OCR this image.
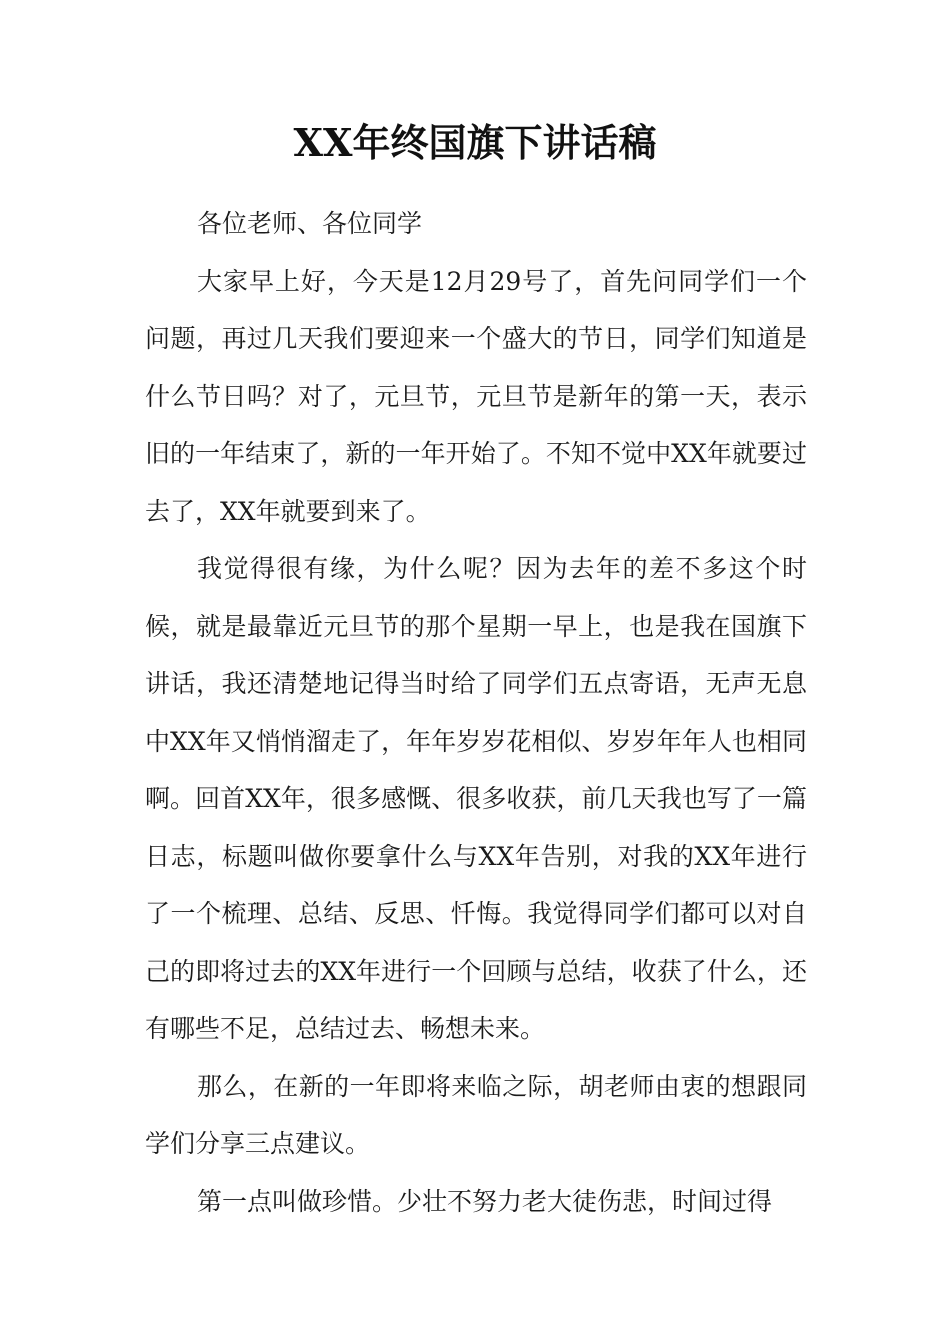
XX年终国旗下讲话稿

各位老师、各位同学

大家早上好，今天是12月29号了，首先问同学们一个问题，再过几天我们要迎来一个盛大的节日，同学们知道是什么节日吗？对了，元旦节，元旦节是新年的第一天，表示旧的一年结束了，新的一年开始了。不知不觉中XX年就要过去了，XX年就要到来了。

我觉得很有缘，为什么呢？因为去年的差不多这个时候，就是最靠近元旦节的那个星期一早上，也是我在国旗下讲话，我还清楚地记得当时给了同学们五点寄语，无声无息中XX年又悄悄溜走了，年年岁岁花相似、岁岁年年人也相同啊。回首XX年，很多感慨、很多收获，前几天我也写了一篇日志，标题叫做你要拿什么与XX年告别，对我的XX年进行了一个梳理、总结、反思、忏悔。我觉得同学们都可以对自己的即将过去的XX年进行一个回顾与总结，收获了什么，还有哪些不足，总结过去、畅想未来。

那么，在新的一年即将来临之际，胡老师由衷的想跟同学们分享三点建议。

第一点叫做珍惜。少壮不努力老大徒伤悲，时间过得
